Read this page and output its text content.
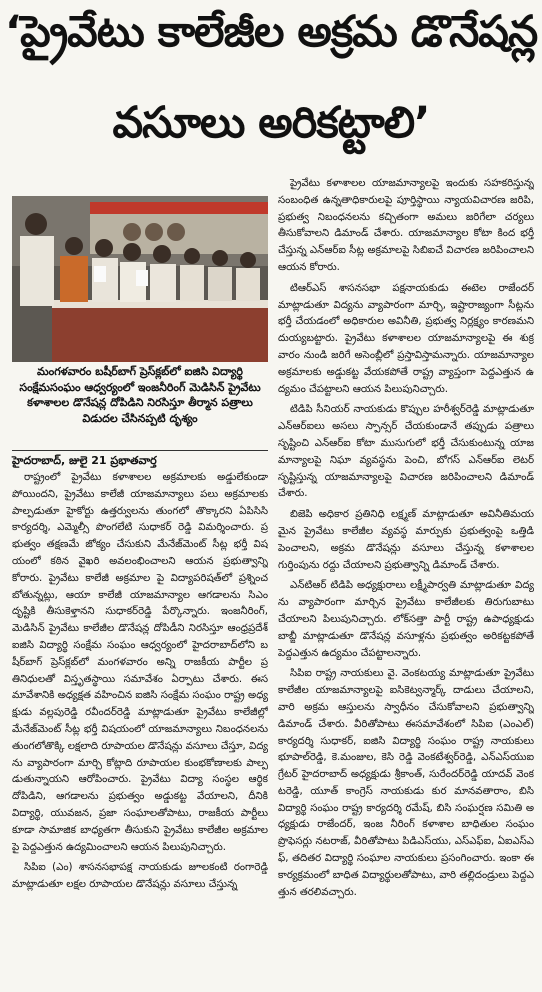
‘ప్రైవేటు కాలేజీల అక్రమ డొనేషన్ల
వసూలు అరికట్టాలి’
మంగళవారం బషీర్‌బాగ్ ప్రెస్‌క్లబ్‌లో ఐజిసి విద్యార్థి సంక్షేమసంఘం ఆధ్వర్యంలో ఇంజనీరింగ్ మెడిసిన్ ప్రైవేటు కళాశాలల డొనేషన్ల దోపిడిని నిరసిస్తూ తీర్మాన పత్రాలు విడుదల చేసినప్పటి దృశ్యం
హైదరాబాద్, జులై 21 ప్రభాతవార్త

రాష్ట్రంలో ప్రైవేటు కళాశాలల అక్రమాలకు అడ్డులేకుండా పోయిందని, ప్రైవేటు కాలేజీ యాజమాన్యాలు పలు అక్రమాలకు పాల్పడుతూ హైకోర్టు ఉత్తర్వులను తుంగలో తొక్కారని ఏపిసిసి కార్యదర్శి, ఎమ్మెల్సీ పొంగలేటి సుధాకర్ రెడ్డి విమర్శించారు. ప్రభుత్వం తక్షణమే జోక్యం చేసుకుని మేనేజ్‌మెంట్ సీట్ల భర్తీ విషయంలో కఠిన వైఖరి అవలంభించాలని ఆయన ప్రభుత్వాన్ని కోరారు. ప్రైవేటు కాలేజీ అక్రమాల పై విద్యాపరిషత్‌లో ప్రశ్నించబోతున్నట్లు, ఆయా కాలేజీ యాజమాన్యాల ఆగడాలను సిఎం దృష్టికి తీసుకెళ్తానని సుధాకర్‌రెడ్డి పేర్కొన్నారు. ఇంజనీరింగ్, మెడిసిన్ ప్రైవేటు కాలేజీల డొనేషన్ల దోపిడీని నిరసిస్తూ ఆంధ్రప్రదేశ్ ఐజిసి విద్యార్థి సంక్షేమ సంఘం ఆధ్వర్యంలో హైదరాబాద్‌లోని బషీర్‌బాగ్ ప్రెస్‌క్లబ్‌లో మంగళవారం అన్ని రాజకీయ పార్టీల ప్రతినిధులతో విస్తృతస్థాయి సమావేశం ఏర్పాటు చేశారు. ఈసమావేశానికి అధ్యక్షత వహించిన ఐజిసి సంక్షేమ సంఘం రాష్ట్ర అధ్యక్షుడు వల్లపురెడ్డి రవీందర్‌రెడ్డి మాట్లాడుతూ ప్రైవేటు కాలేజీల్లో మేనేజ్‌మెంట్ సీట్ల భర్తీ విషయంలో యాజమాన్యాలు నిబంధనలను తుంగలోతొక్కి లక్షలాది రూపాయల డొనేషన్లు వసూలు చేస్తూ, విద్యను వ్యాపారంగా మార్చి కోట్లాది రూపాయల కుంభకోణాలకు పాల్పడుతున్నాయని ఆరోపించారు. ప్రైవేటు విద్యా సంస్థల ఆర్థిక దోపిడిని, ఆగడాలను ప్రభుత్వం అడ్డుకట్ట వేయాలని, దీనికి విద్యార్థి, యువజన, ప్రజా సంఘాలతోపాటు, రాజకీయ పార్టీలు కూడా సామాజిక బాధ్యతగా తీసుకుని ప్రైవేటు కాలేజీల అక్రమాలపై పెద్దఎత్తున ఉద్యమించాలని ఆయన పిలుపునిచ్చారు.

సిపిఐ (ఎం) శాసనసభాపక్ష నాయకుడు జూలకంటి రంగారెడ్డి మాట్లాడుతూ లక్షల రూపాయల డొనేషన్లు వసూలు చేస్తున్న

ప్రైవేటు కళాశాలల యాజమాన్యాలపై ఇందుకు సహకరిస్తున్న సంబంధిత ఉన్నతాధికారులపై పూర్తిస్థాయి న్యాయవిచారణ జరిపి, ప్రభుత్వ నిబంధనలను కచ్చితంగా అమలు జరిగేలా చర్యలు తీసుకోవాలని డిమాండ్ చేశారు. యాజమాన్యాల కోటా కింద భర్తీ చేస్తున్న ఎన్ఆర్ఐ సీట్ల అక్రమాలపై సిబిఐచే విచారణ జరిపించాలని ఆయన కోరారు.

టిఆర్ఎస్ శాసనసభా పక్షనాయకుడు ఈటెల రాజేందర్ మాట్లాడుతూ విద్యను వ్యాపారంగా మార్చి, ఇష్టారాజ్యంగా సీట్లను భర్తీ చేయడంలో అధికారుల అవినీతి, ప్రభుత్వ నిర్లక్ష్యం కారణమని దుయ్యబట్టారు. ప్రైవేటు కళాశాలల యాజమాన్యాలపై ఈ శుక్రవారం నుండి జరిగే అసెంబ్లీలో ప్రస్తావిస్తామన్నారు. యాజమాన్యాల అక్రమాలకు అడ్డుకట్ట వేయకపోతే రాష్ట్ర వ్యాప్తంగా పెద్దఎత్తున ఉద్యమం చేపట్టాలని ఆయన పిలుపునిచ్చారు.

టిడిపి సీనియర్ నాయకుడు కొప్పుల హరీశ్వర్‌రెడ్డి మాట్లాడుతూ ఎన్ఆర్ఐలు అసలు స్పాన్సర్ చేయకుండానే తప్పుడు పత్రాలు సృష్టించి ఎన్ఆర్ఐ కోటా ముసుగులో భర్తీ చేసుకుంటున్న యాజమాన్యాలపై నిఘా వ్యవస్థను పెంచి, బోగస్ ఎన్ఆర్ఐ లెటర్ సృష్టిస్తున్న యాజమాన్యాలపై విచారణ జరిపించాలని డిమాండ్ చేశారు.

బిజెపి అధికార ప్రతినిధి లక్ష్మణ్ మాట్లాడుతూ అవినీతిమయమైన ప్రైవేటు కాలేజీల వ్యవస్థ మార్పుకు ప్రభుత్వంపై ఒత్తిడి పెంచాలని, అక్రమ డొనేషన్లు వసూలు చేస్తున్న కళాశాలల గుర్తింపును రద్దు చేయాలని ప్రభుత్వాన్ని డిమాండ్ చేశారు.

ఎన్‌టిఆర్ టిడిపి అధ్యక్షురాలు లక్ష్మీపార్వతి మాట్లాడుతూ విద్యను వ్యాపారంగా మార్చిన ప్రైవేటు కాలేజీలకు తిరుగుబాటు చేయాలని పిలుపునిచ్చారు. లోక్‌సత్తా పార్టీ రాష్ట్ర ఉపాధ్యక్షుడు బాబ్జీ మాట్లాడుతూ డొనేషన్ల వసూళ్లను ప్రభుత్వం అరికట్టకపోతే పెద్దఎత్తున ఉద్యమం చేపట్టాలన్నారు.

సిపిఐ రాష్ట్ర నాయకులు వై. వెంకటయ్య మాట్లాడుతూ ప్రైవేటు కాలేజీల యాజమాన్యాలపై ఐసికెట్వన్మార్క్ దాడులు చేయాలని, వారి అక్రమ ఆస్తులను స్వాధీనం చేసుకోవాలని ప్రభుత్వాన్ని డిమాండ్ చేశారు. వీరితోపాటు ఈసమావేశంలో సిపిఐ (ఎంఎల్) కార్యదర్శి సుధాకర్, ఐజిసి విద్యార్థి సంఘం రాష్ట్ర నాయకులు భూపాల్‌రెడ్డి, కె.మంజుల, కెసి రెడ్డి వెంకటేశ్వర్‌రెడ్డి, ఎన్ఎస్‌యుఐ గ్రేటర్ హైదరాబాద్ అధ్యక్షుడు శ్రీకాంత్, సురేందర్‌రెడ్డి యాదవ్ వెంకటరెడ్డి, యూత్ కాంగ్రెస్ నాయకుడు కుర మానవతారాం, బిసి విద్యార్థి సంఘం రాష్ట్ర కార్యదర్శి రమేష్, బిసి సంఘర్షణ సమితి అధ్యక్షుడు రాజేందర్, ఇంజ నీరింగ్ కళాశాల బాధితుల సంఘం ప్రొఫెసర్లు నటరాజ్, వీరితోపాటు పిడిఎస్‌యు, ఎస్ఎఫ్ఐ, ఏఐఎస్ఎఫ్, తదితర విద్యార్థి సంఘాల నాయకులు ప్రసంగించారు. ఇంకా ఈకార్యక్రమంలో బాధిత విద్యార్థులతోపాటు, వారి తల్లిదండ్రులు పెద్దఎత్తున తరలివచ్చారు.
